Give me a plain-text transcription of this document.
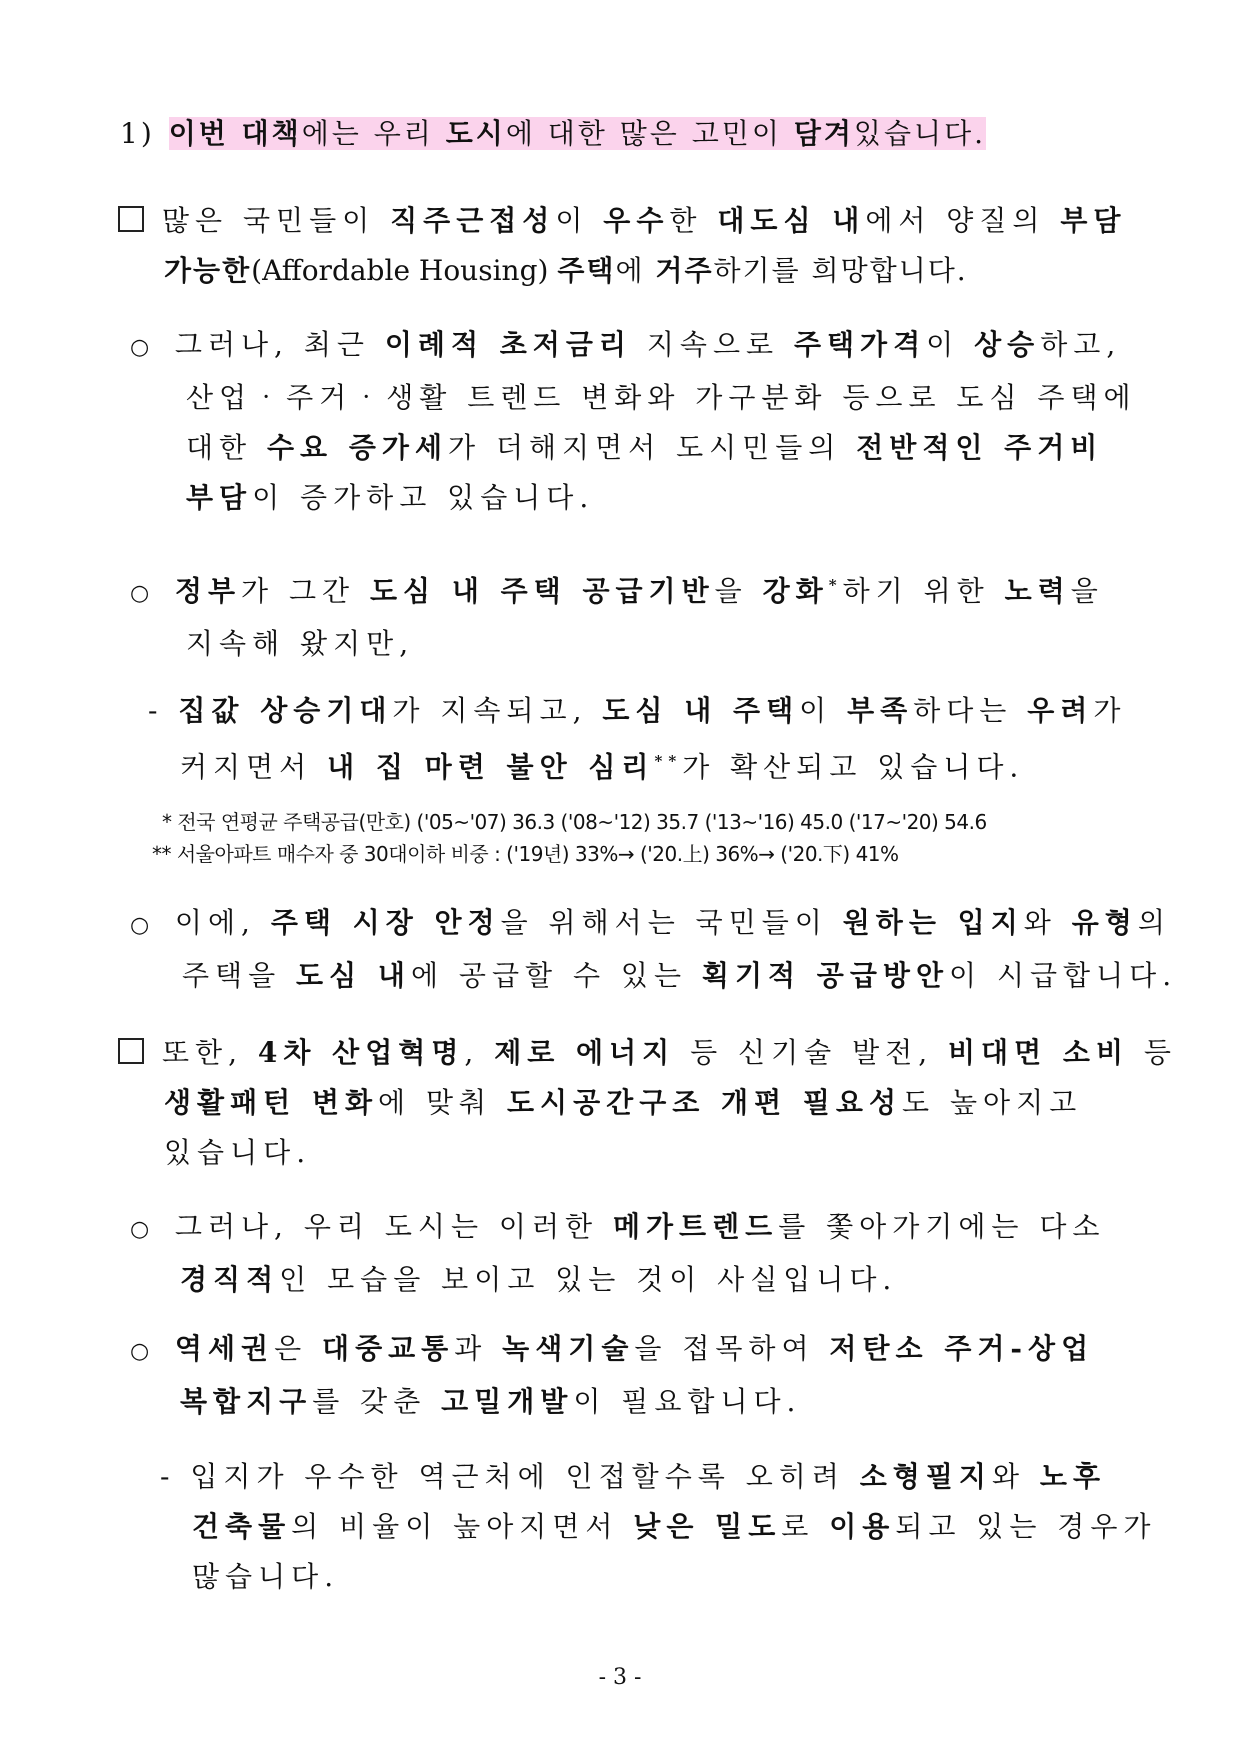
1) 이번 대책에는 우리 도시에 대한 많은 고민이 담겨있습니다.
많은 국민들이 직주근접성이 우수한 대도심 내에서 양질의 부담
가능한(Affordable Housing) 주택에 거주하기를 희망합니다.
○ 그러나, 최근 이례적 초저금리 지속으로 주택가격이 상승하고,
산업‧주거‧생활 트렌드 변화와 가구분화 등으로 도심 주택에
대한 수요 증가세가 더해지면서 도시민들의 전반적인 주거비
부담이 증가하고 있습니다.
○ 정부가 그간 도심 내 주택 공급기반을 강화*하기 위한 노력을
지속해 왔지만,
- 집값 상승기대가 지속되고, 도심 내 주택이 부족하다는 우려가
커지면서 내 집 마련 불안 심리**가 확산되고 있습니다.
* 전국 연평균 주택공급(만호) ('05~'07) 36.3 ('08~'12) 35.7 ('13~'16) 45.0 ('17~'20) 54.6
** 서울아파트 매수자 중 30대이하 비중 : ('19년) 33%→ ('20.上) 36%→ ('20.下) 41%
○ 이에, 주택 시장 안정을 위해서는 국민들이 원하는 입지와 유형의
주택을 도심 내에 공급할 수 있는 획기적 공급방안이 시급합니다.
또한, 4차 산업혁명, 제로 에너지 등 신기술 발전, 비대면 소비 등
생활패턴 변화에 맞춰 도시공간구조 개편 필요성도 높아지고
있습니다.
○ 그러나, 우리 도시는 이러한 메가트렌드를 쫓아가기에는 다소
경직적인 모습을 보이고 있는 것이 사실입니다.
○ 역세권은 대중교통과 녹색기술을 접목하여 저탄소 주거-상업
복합지구를 갖춘 고밀개발이 필요합니다.
- 입지가 우수한 역근처에 인접할수록 오히려 소형필지와 노후
건축물의 비율이 높아지면서 낮은 밀도로 이용되고 있는 경우가
많습니다.
- 3 -
